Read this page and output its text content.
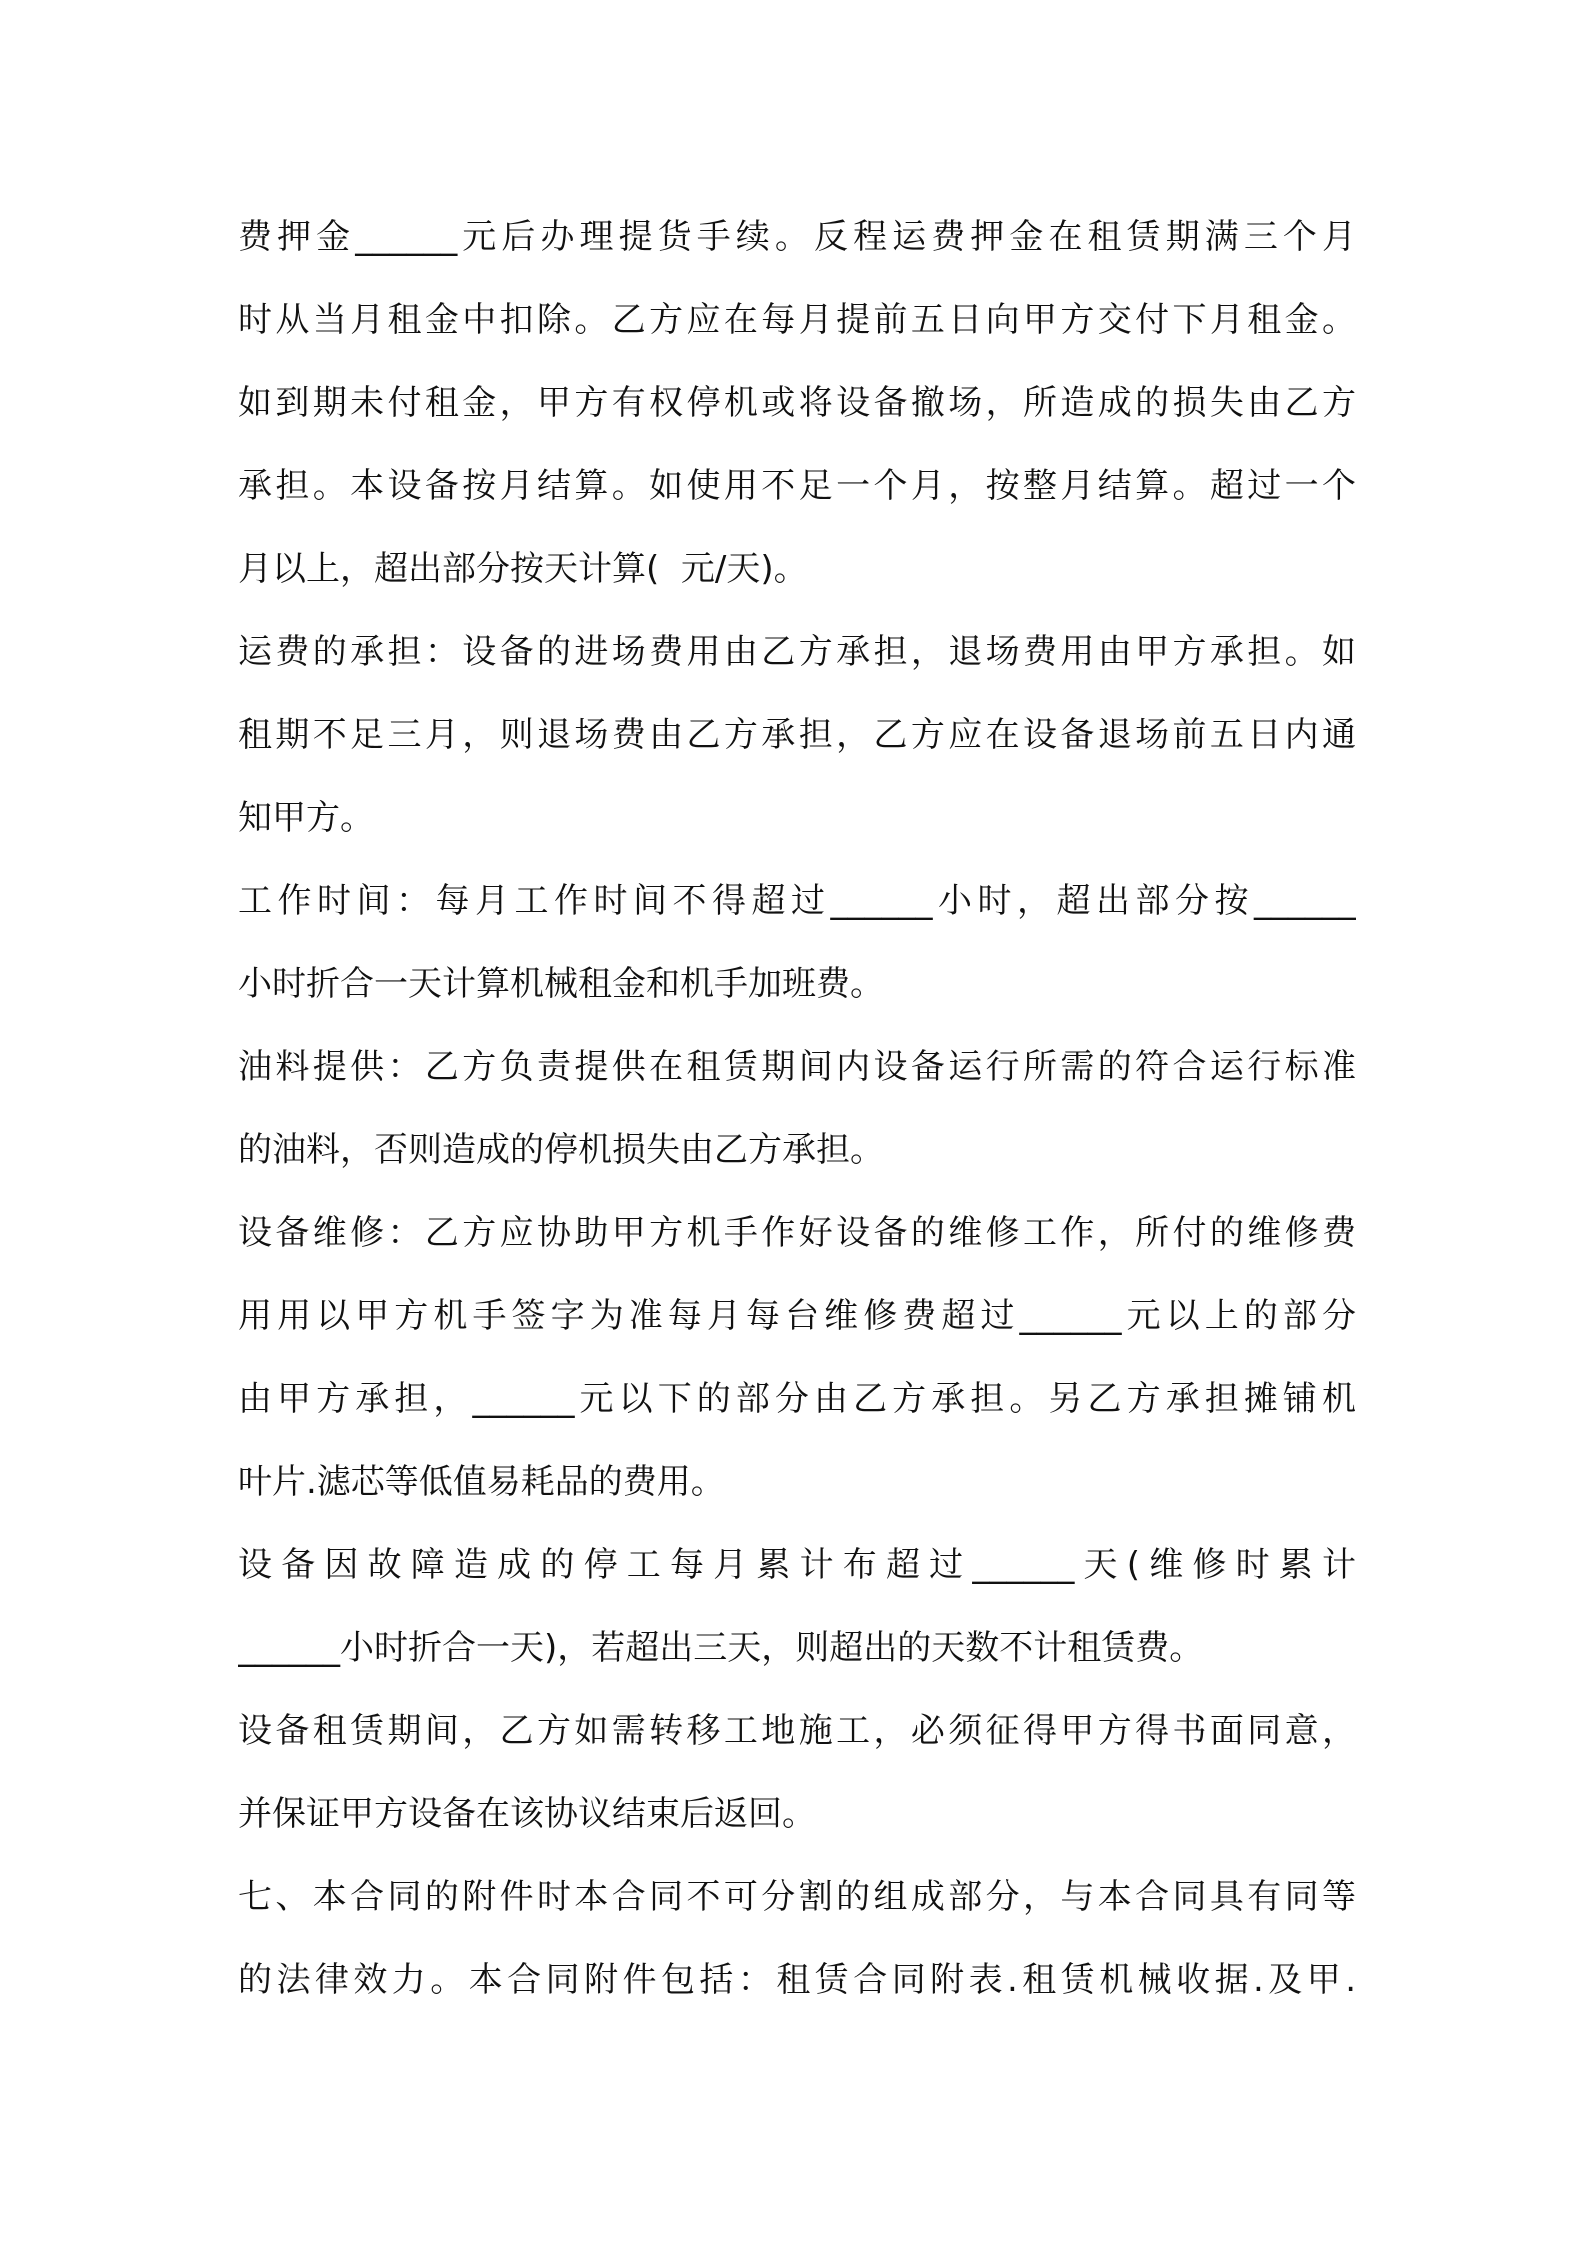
费押金______元后办理提货手续。反程运费押金在租赁期满三个月
时从当月租金中扣除。乙方应在每月提前五日向甲方交付下月租金。
如到期未付租金，甲方有权停机或将设备撤场，所造成的损失由乙方
承担。本设备按月结算。如使用不足一个月，按整月结算。超过一个
月以上，超出部分按天计算(  元/天)。
运费的承担：设备的进场费用由乙方承担，退场费用由甲方承担。如
租期不足三月，则退场费由乙方承担，乙方应在设备退场前五日内通
知甲方。
工作时间：每月工作时间不得超过______小时，超出部分按______
小时折合一天计算机械租金和机手加班费。
油料提供：乙方负责提供在租赁期间内设备运行所需的符合运行标准
的油料，否则造成的停机损失由乙方承担。
设备维修：乙方应协助甲方机手作好设备的维修工作，所付的维修费
用用以甲方机手签字为准每月每台维修费超过______元以上的部分
由甲方承担，______元以下的部分由乙方承担。另乙方承担摊铺机
叶片.滤芯等低值易耗品的费用。
设备因故障造成的停工每月累计布超过______天(维修时累计
______小时折合一天)，若超出三天，则超出的天数不计租赁费。
设备租赁期间，乙方如需转移工地施工，必须征得甲方得书面同意，
并保证甲方设备在该协议结束后返回。
七、本合同的附件时本合同不可分割的组成部分，与本合同具有同等
的法律效力。本合同附件包括：租赁合同附表.租赁机械收据.及甲.
